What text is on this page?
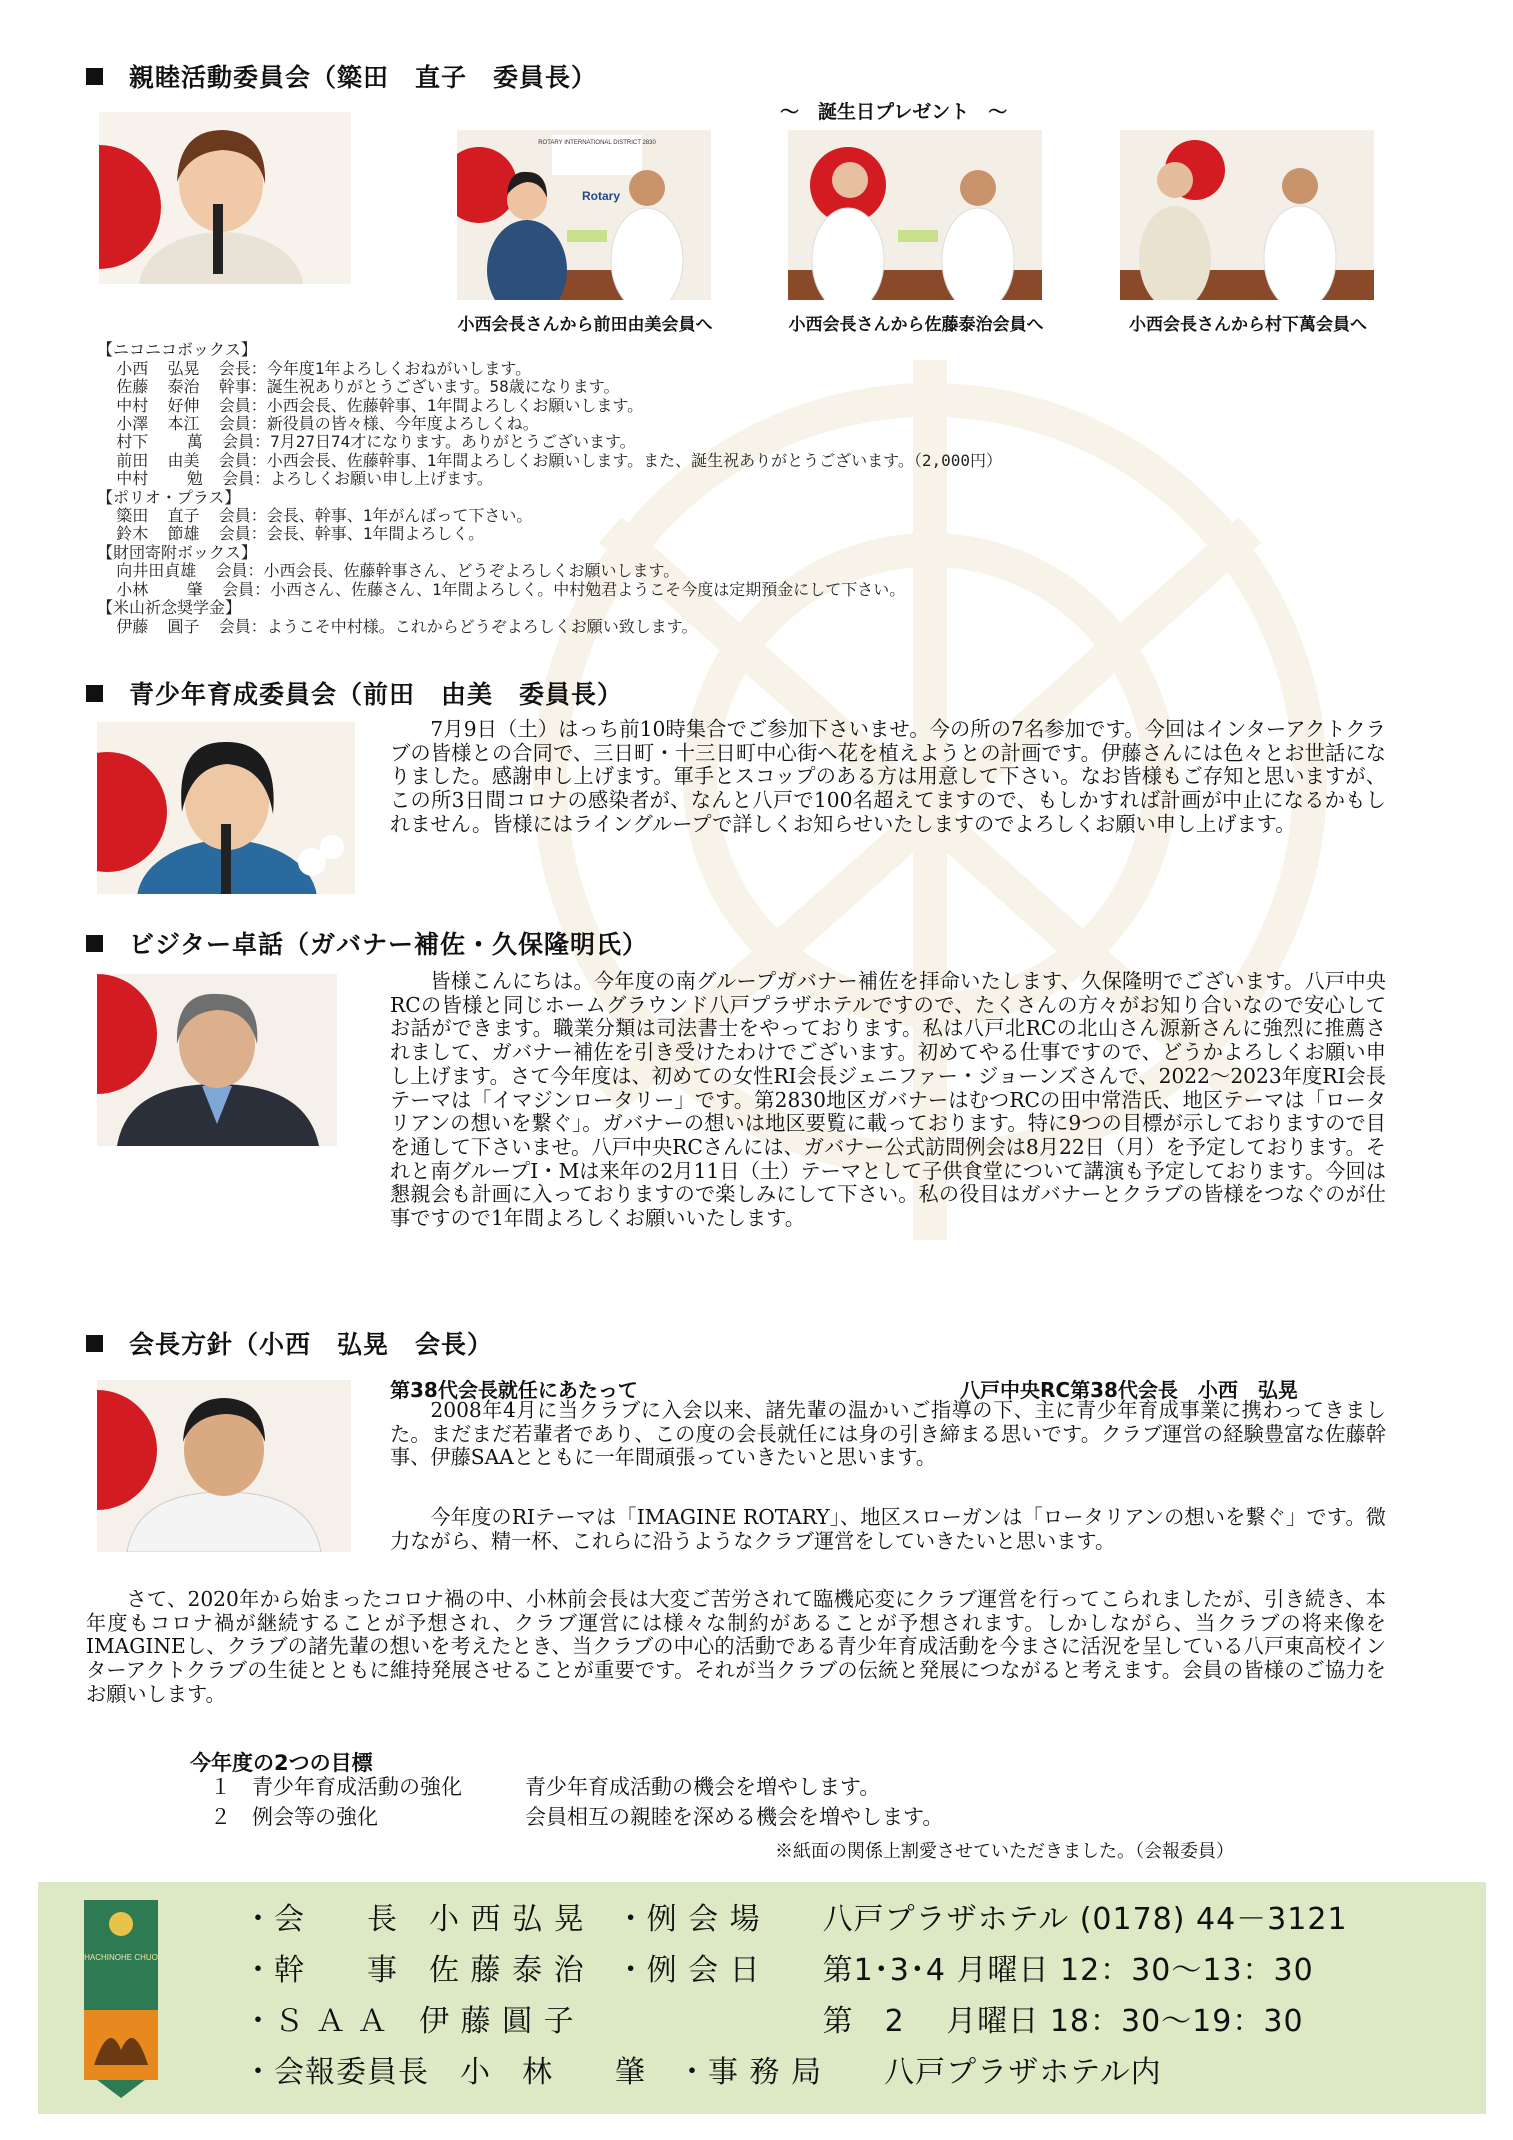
親睦活動委員会（簗田　直子　委員長）
～　誕生日プレゼント　～
ROTARY INTERNATIONAL DISTRICT 2830
Rotary
小西会長さんから前田由美会員へ	小西会長さんから佐藤泰治会員へ	小西会長さんから村下萬会員へ

【ニコニコボックス】
小西  弘晃  会長：今年度1年よろしくおねがいします。
佐藤  泰治  幹事：誕生祝ありがとうございます。58歳になります。
中村  好伸  会員：小西会長、佐藤幹事、1年間よろしくお願いします。
小澤  本江  会員：新役員の皆々様、今年度よろしくね。
村下    萬  会員：7月27日74才になります。ありがとうございます。
前田  由美  会員：小西会長、佐藤幹事、1年間よろしくお願いします。また、誕生祝ありがとうございます。（2,000円）
中村    勉  会員：よろしくお願い申し上げます。
【ポリオ・プラス】
簗田  直子  会員：会長、幹事、1年がんばって下さい。
鈴木  節雄  会員：会長、幹事、1年間よろしく。
【財団寄附ボックス】
向井田貞雄  会員：小西会長、佐藤幹事さん、どうぞよろしくお願いします。
小林    肇  会員：小西さん、佐藤さん、1年間よろしく。中村勉君ようこそ今度は定期預金にして下さい。
【米山祈念奨学金】
伊藤  圓子  会員：ようこそ中村様。これからどうぞよろしくお願い致します。

青少年育成委員会（前田　由美　委員長）
7月9日（土）はっち前10時集合でご参加下さいませ。今の所の7名参加です。今回はインターアクトクラブの皆様との合同で、三日町・十三日町中心街へ花を植えようとの計画です。伊藤さんには色々とお世話になりました。感謝申し上げます。軍手とスコップのある方は用意して下さい。なお皆様もご存知と思いますが、この所3日間コロナの感染者が、なんと八戸で100名超えてますので、もしかすれば計画が中止になるかもしれません。皆様にはライングループで詳しくお知らせいたしますのでよろしくお願い申し上げます。
ビジター卓話（ガバナー補佐・久保隆明氏）
皆様こんにちは。今年度の南グループガバナー補佐を拝命いたします、久保隆明でございます。八戸中央RCの皆様と同じホームグラウンド八戸プラザホテルですので、たくさんの方々がお知り合いなので安心してお話ができます。職業分類は司法書士をやっております。私は八戸北RCの北山さん源新さんに強烈に推薦されまして、ガバナー補佐を引き受けたわけでございます。初めてやる仕事ですので、どうかよろしくお願い申し上げます。さて今年度は、初めての女性RI会長ジェニファー・ジョーンズさんで、2022～2023年度RI会長テーマは「イマジンロータリー」です。第2830地区ガバナーはむつRCの田中常浩氏、地区テーマは「ロータリアンの想いを繋ぐ」。ガバナーの想いは地区要覧に載っております。特に9つの目標が示しておりますので目を通して下さいませ。八戸中央RCさんには、ガバナー公式訪問例会は8月22日（月）を予定しております。それと南グループI・Mは来年の2月11日（土）テーマとして子供食堂について講演も予定しております。今回は懇親会も計画に入っておりますので楽しみにして下さい。私の役目はガバナーとクラブの皆様をつなぐのが仕事ですので1年間よろしくお願いいたします。
会長方針（小西　弘晃　会長）
第38代会長就任にあたって	八戸中央RC第38代会長　小西　弘晃
2008年4月に当クラブに入会以来、諸先輩の温かいご指導の下、主に青少年育成事業に携わってきました。まだまだ若輩者であり、この度の会長就任には身の引き締まる思いです。クラブ運営の経験豊富な佐藤幹事、伊藤SAAとともに一年間頑張っていきたいと思います。
今年度のRIテーマは「IMAGINE ROTARY」、地区スローガンは「ロータリアンの想いを繋ぐ」です。微力ながら、精一杯、これらに沿うようなクラブ運営をしていきたいと思います。
さて、2020年から始まったコロナ禍の中、小林前会長は大変ご苦労されて臨機応変にクラブ運営を行ってこられましたが、引き続き、本年度もコロナ禍が継続することが予想され、クラブ運営には様々な制約があることが予想されます。しかしながら、当クラブの将来像をIMAGINEし、クラブの諸先輩の想いを考えたとき、当クラブの中心的活動である青少年育成活動を今まさに活況を呈している八戸東高校インターアクトクラブの生徒とともに維持発展させることが重要です。それが当クラブの伝統と発展につながると考えます。会員の皆様のご協力をお願いします。
今年度の2つの目標
１　青少年育成活動の強化　　　青少年育成活動の機会を増やします。
２　例会等の強化　　　　　　　会員相互の親睦を深める機会を増やします。
※紙面の関係上割愛させていただきました。（会報委員）
HACHINOHE CHUO
・会　　長　小 西 弘 晃　・例 会 場　　八戸プラザホテル (0178) 44－3121
・幹　　事　佐 藤 泰 治　・例 会 日　　第1･3･4 月曜日 12：30～13：30
・Ｓ Ａ Ａ　伊 藤 圓 子　　　　　　　　第　2　 月曜日 18：30～19：30
・会報委員長　小　林　　肇　・事 務 局　　八戸プラザホテル内
